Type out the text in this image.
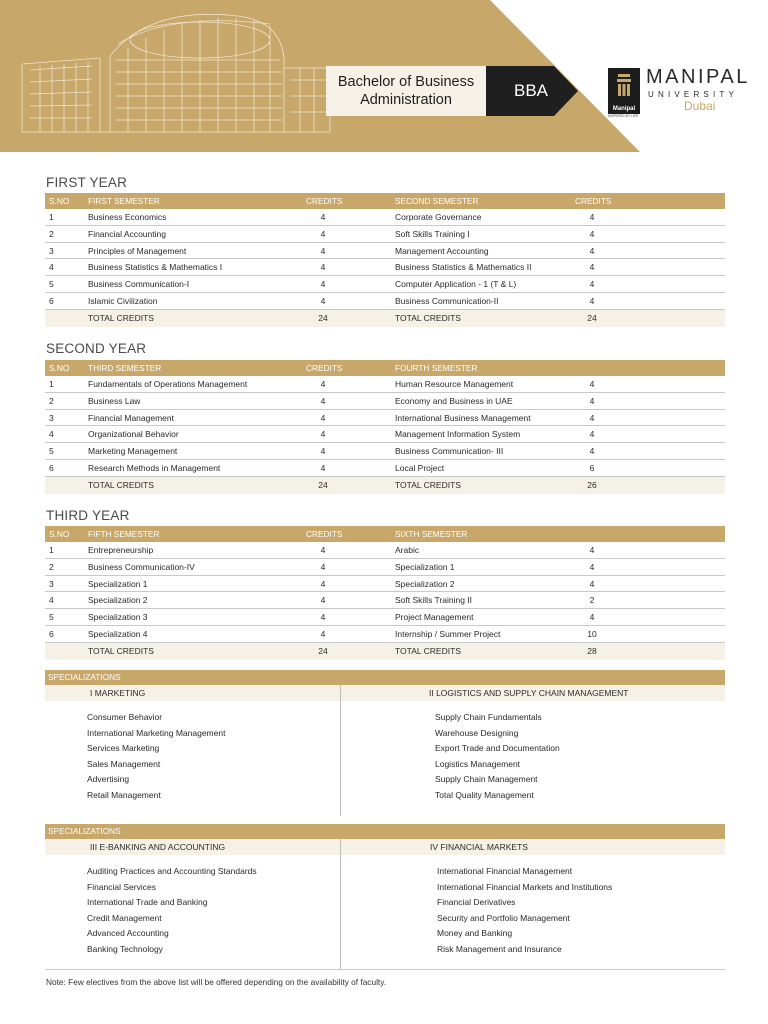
Bachelor of Business
Administration	BBA
Manipal
INSPIRED BY LIFE
MANIPAL
UNIVERSITY
Dubai
FIRST YEAR
S.NO FIRST SEMESTER	CREDITS	SECOND SEMESTER	CREDITS
1	Business Economics	4	Corporate Governance	4
2	Financial Accounting	4	Soft Skills Training I	4
3	Principles of Management	4	Management Accounting	4
4	Business Statistics & Mathematics I	4	Business Statistics & Mathematics II	4
5	Business Communication-I	4	Computer Application - 1 (T & L)	4
6	Islamic Civilization	4	Business Communication-II	4
TOTAL CREDITS	24	TOTAL CREDITS	24
SECOND YEAR
S.NO THIRD SEMESTER	CREDITS	FOURTH SEMESTER
1	Fundamentals of Operations Management	4	Human Resource Management	4
2	Business Law	4	Economy and Business in UAE	4
3	Financial Management	4	International Business Management	4
4	Organizational Behavior	4	Management Information System	4
5	Marketing Management	4	Business Communication- III	4
6	Research Methods in Management	4	Local Project	6
TOTAL CREDITS	24	TOTAL CREDITS	26
THIRD YEAR
S.NO FIFTH SEMESTER	CREDITS	SIXTH SEMESTER
1	Entrepreneurship	4	Arabic	4
2	Business Communication-IV	4	Specialization 1	4
3	Specialization 1	4	Specialization 2	4
4	Specialization 2	4	Soft Skills Training II	2
5	Specialization 3	4	Project Management	4
6	Specialization 4	4	Internship / Summer Project	10
TOTAL CREDITS	24	TOTAL CREDITS	28
SPECIALIZATIONS
I MARKETING	II LOGISTICS AND SUPPLY CHAIN MANAGEMENT
Consumer Behavior
International Marketing Management
Services Marketing
Sales Management
Advertising
Retail Management
Supply Chain Fundamentals
Warehouse Designing
Export Trade and Documentation
Logistics Management
Supply Chain Management
Total Quality Management
SPECIALIZATIONS
III E-BANKING AND ACCOUNTING	IV FINANCIAL MARKETS
Auditing Practices and Accounting Standards
Financial Services
International Trade and Banking
Credit Management
Advanced Accounting
Banking Technology
International Financial Management
International Financial Markets and Institutions
Financial Derivatives
Security and Portfolio Management
Money and Banking
Risk Management and Insurance
Note: Few electives from the above list will be offered depending on the availability of faculty.
